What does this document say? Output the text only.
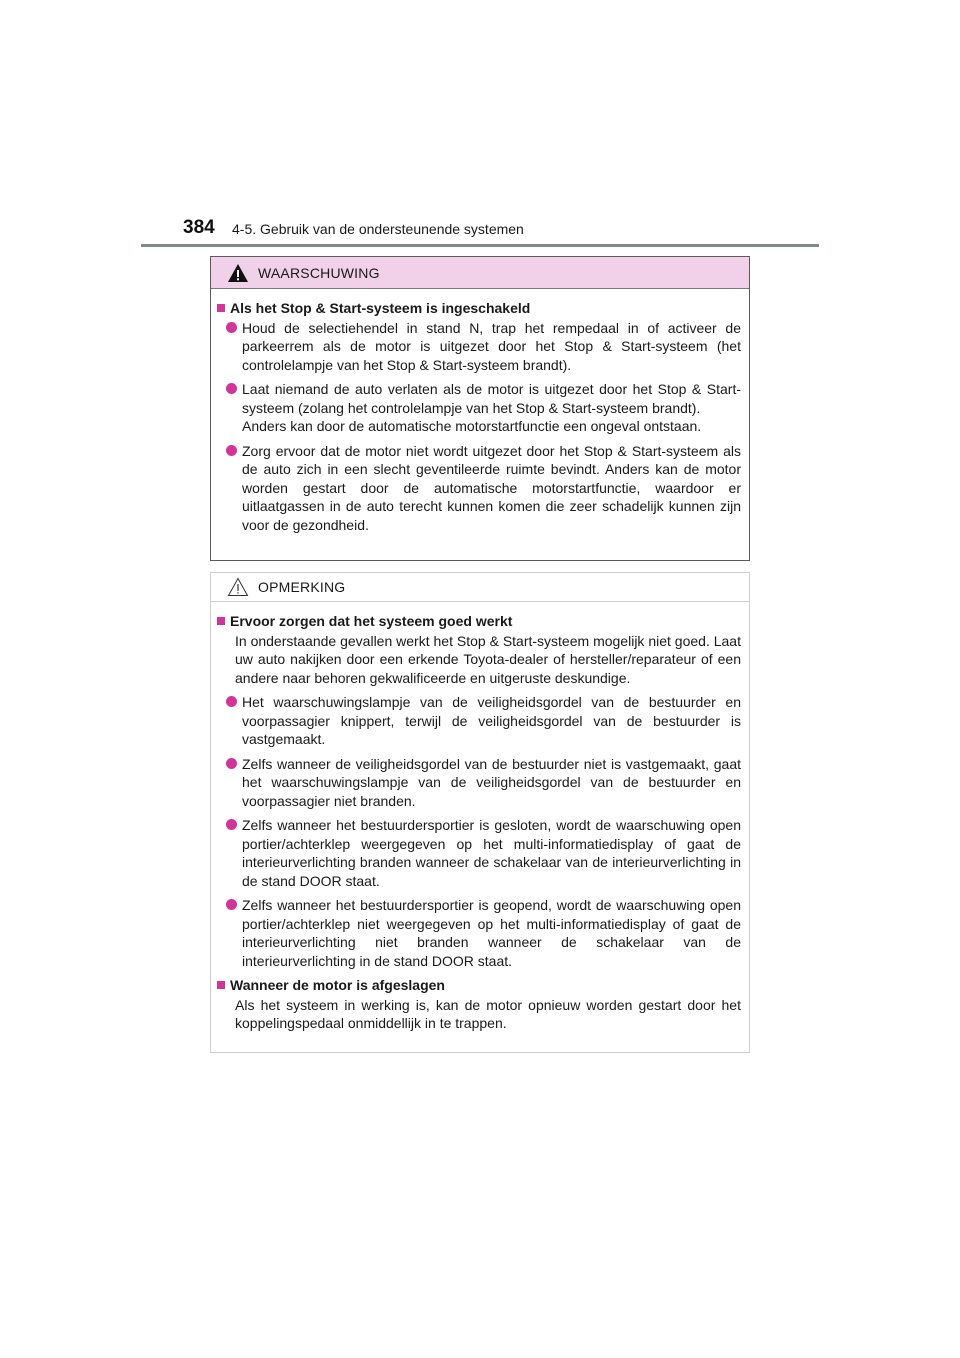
384 4-5. Gebruik van de ondersteunende systemen
WAARSCHUWING
Als het Stop & Start-systeem is ingeschakeld
Houd de selectiehendel in stand N, trap het rempedaal in of activeer de parkeerrem als de motor is uitgezet door het Stop & Start-systeem (het controlelampje van het Stop & Start-systeem brandt).
Laat niemand de auto verlaten als de motor is uitgezet door het Stop & Start-systeem (zolang het controlelampje van het Stop & Start-systeem brandt).
Anders kan door de automatische motorstartfunctie een ongeval ontstaan.
Zorg ervoor dat de motor niet wordt uitgezet door het Stop & Start-systeem als de auto zich in een slecht geventileerde ruimte bevindt. Anders kan de motor worden gestart door de automatische motorstartfunctie, waardoor er uitlaatgassen in de auto terecht kunnen komen die zeer schadelijk kunnen zijn voor de gezondheid.
OPMERKING
Ervoor zorgen dat het systeem goed werkt
In onderstaande gevallen werkt het Stop & Start-systeem mogelijk niet goed. Laat uw auto nakijken door een erkende Toyota-dealer of hersteller/reparateur of een andere naar behoren gekwalificeerde en uitgeruste deskundige.
Het waarschuwingslampje van de veiligheidsgordel van de bestuurder en voorpassagier knippert, terwijl de veiligheidsgordel van de bestuurder is vastgemaakt.
Zelfs wanneer de veiligheidsgordel van de bestuurder niet is vastgemaakt, gaat het waarschuwingslampje van de veiligheidsgordel van de bestuurder en voorpassagier niet branden.
Zelfs wanneer het bestuurdersportier is gesloten, wordt de waarschuwing open portier/achterklep weergegeven op het multi-informatiedisplay of gaat de interieurverlichting branden wanneer de schakelaar van de interieurverlichting in de stand DOOR staat.
Zelfs wanneer het bestuurdersportier is geopend, wordt de waarschuwing open portier/achterklep niet weergegeven op het multi-informatiedisplay of gaat de interieurverlichting niet branden wanneer de schakelaar van de interieurverlichting in de stand DOOR staat.
Wanneer de motor is afgeslagen
Als het systeem in werking is, kan de motor opnieuw worden gestart door het koppelingspedaal onmiddellijk in te trappen.
